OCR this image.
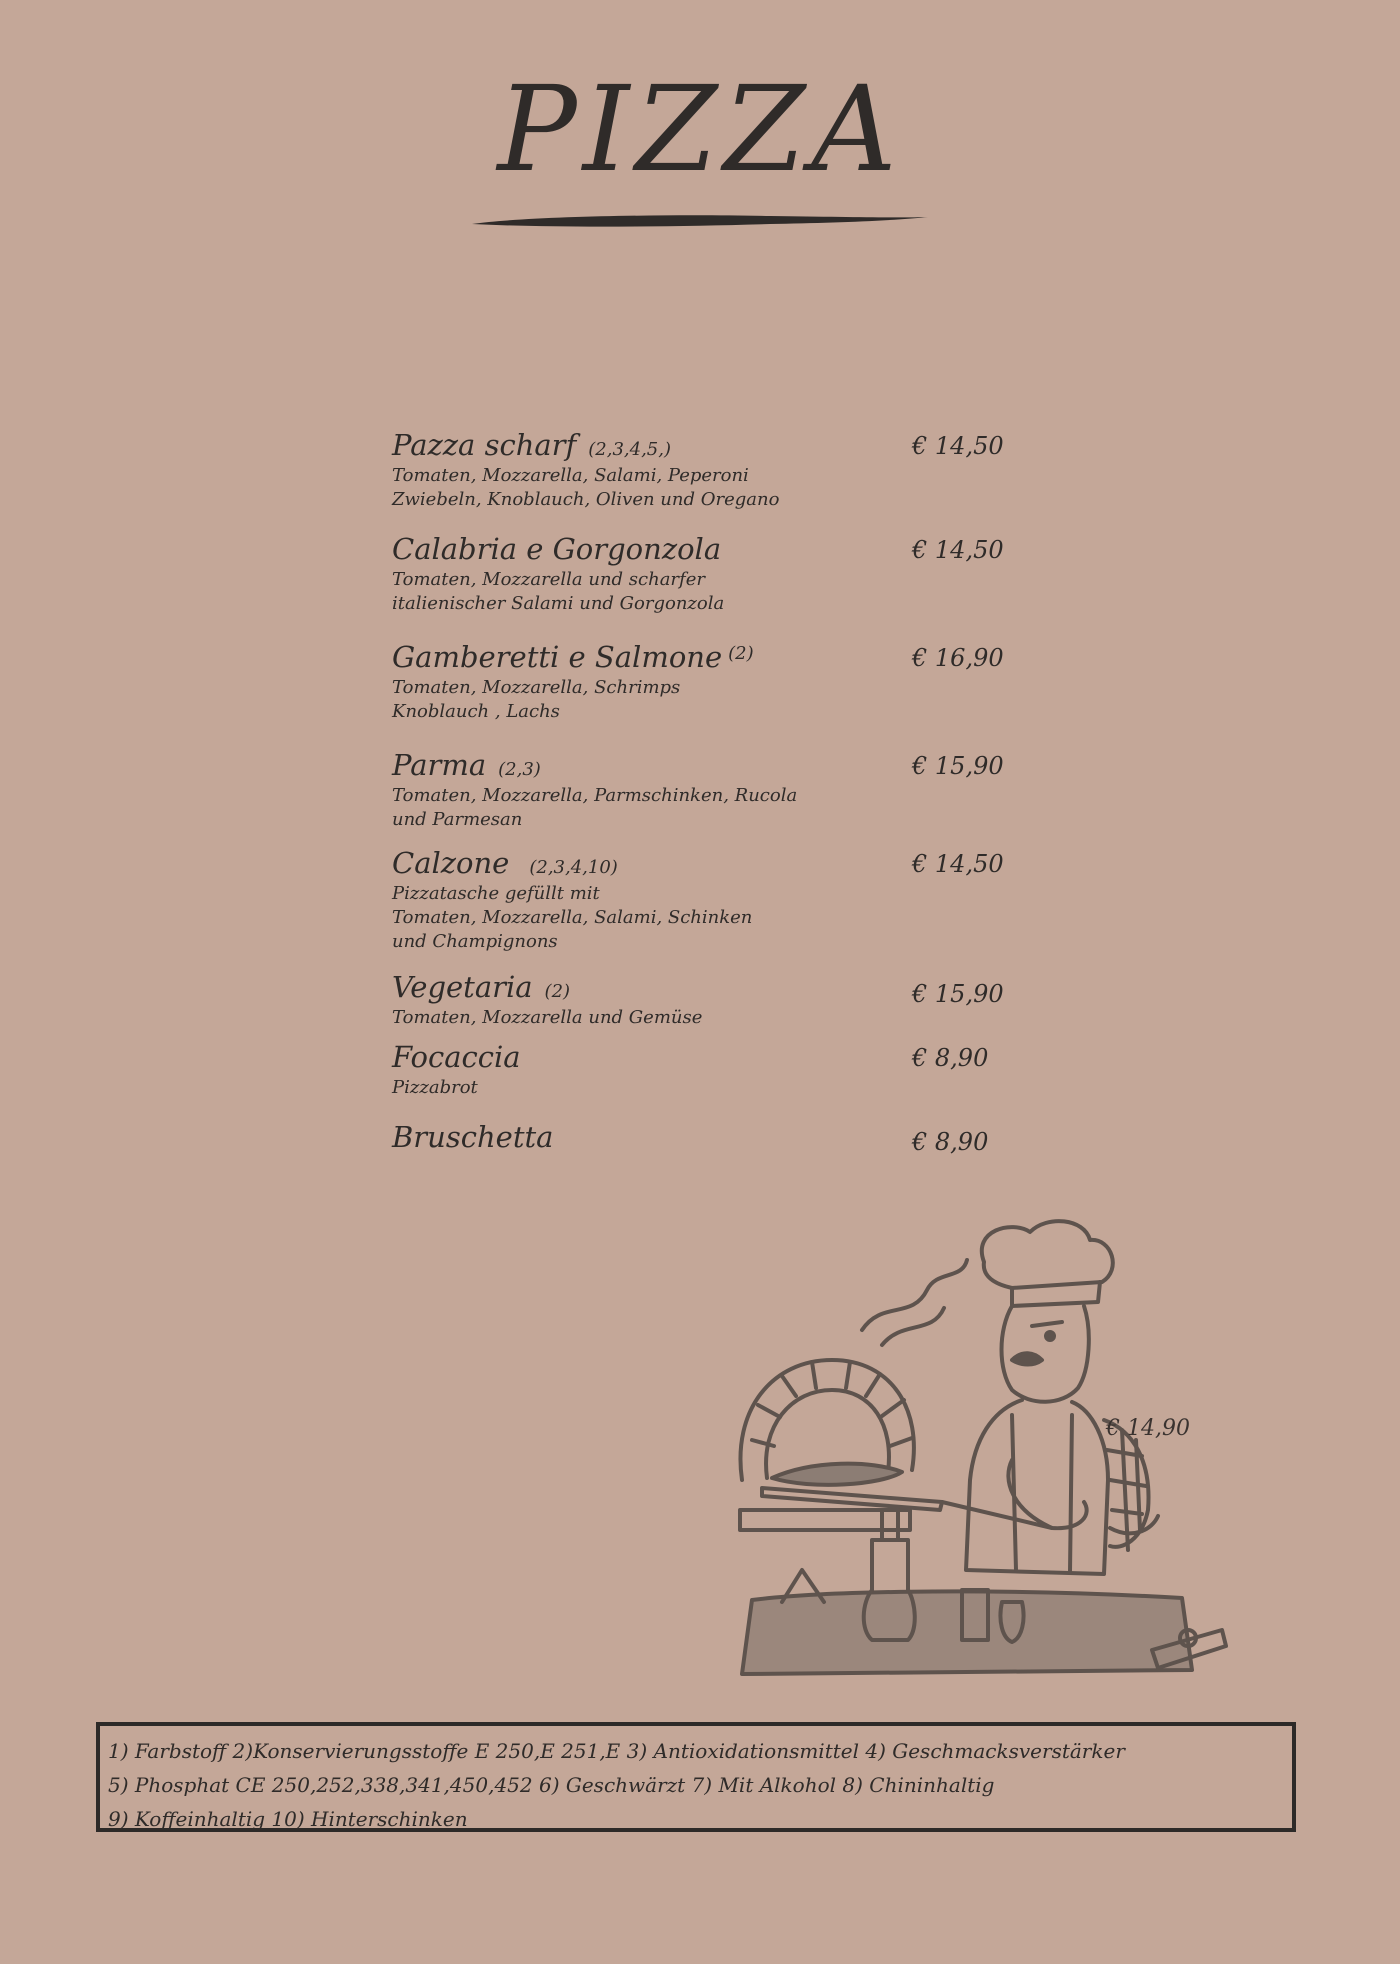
PIZZA
Pazza scharf (2,3,4,5,)	€ 14,50
Tomaten, Mozzarella, Salami, Peperoni
Zwiebeln, Knoblauch, Oliven und Oregano
Calabria e Gorgonzola	€ 14,50
Tomaten, Mozzarella und scharfer
italienischer Salami und Gorgonzola
Gamberetti e Salmone (2)	€ 16,90
Tomaten, Mozzarella, Schrimps
Knoblauch , Lachs
Parma (2,3)	€ 15,90
Tomaten, Mozzarella, Parmschinken, Rucola
und Parmesan
Calzone (2,3,4,10)	€ 14,50
Pizzatasche gefüllt mit
Tomaten, Mozzarella, Salami, Schinken
und Champignons
Vegetaria (2)	€ 15,90
Tomaten, Mozzarella und Gemüse
Focaccia	€ 8,90
Pizzabrot
Bruschetta	€ 8,90
€ 14,90
1) Farbstoff 2)Konservierungsstoffe E 250,E 251,E 3) Antioxidationsmittel 4) Geschmacksverstärker
5) Phosphat CE 250,252,338,341,450,452 6) Geschwärzt 7) Mit Alkohol 8) Chininhaltig
9) Koffeinhaltig 10) Hinterschinken
